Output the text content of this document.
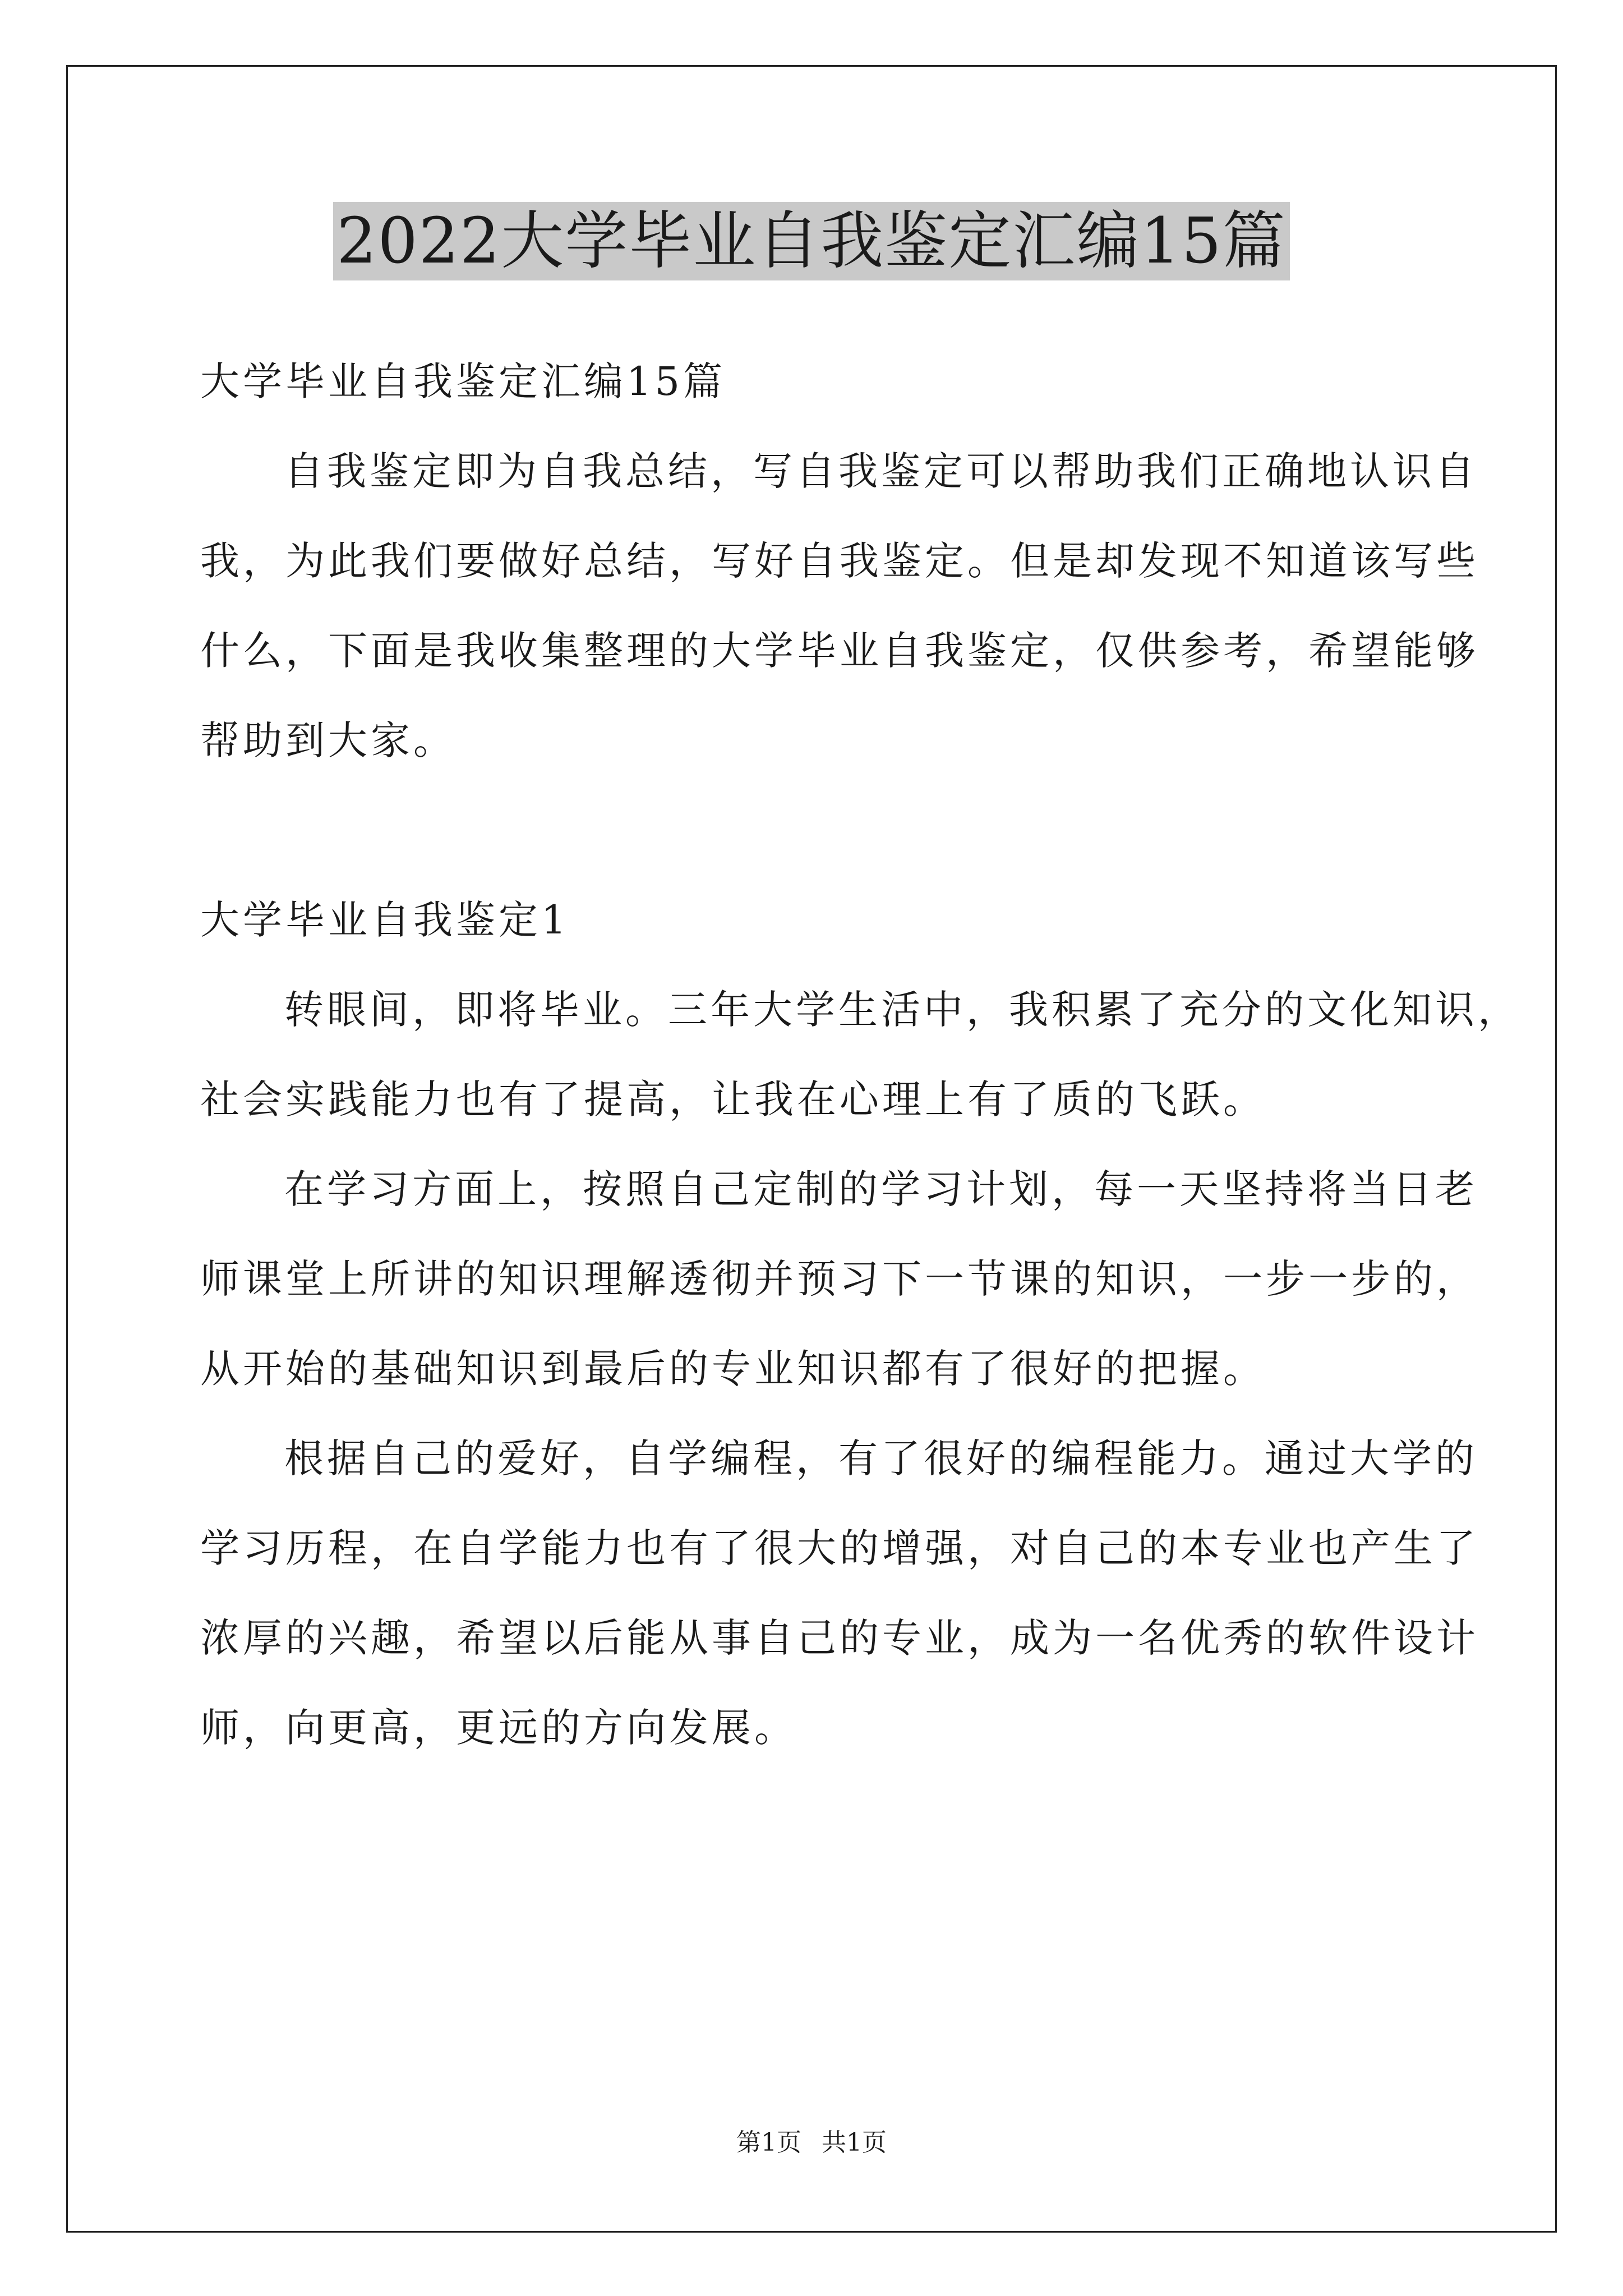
2022大学毕业自我鉴定汇编15篇
大学毕业自我鉴定汇编15篇
自我鉴定即为自我总结，写自我鉴定可以帮助我们正确地认识自
我，为此我们要做好总结，写好自我鉴定。但是却发现不知道该写些
什么，下面是我收集整理的大学毕业自我鉴定，仅供参考，希望能够
帮助到大家。
大学毕业自我鉴定1
转眼间，即将毕业。三年大学生活中，我积累了充分的文化知识，
社会实践能力也有了提高，让我在心理上有了质的飞跃。
在学习方面上，按照自己定制的学习计划，每一天坚持将当日老
师课堂上所讲的知识理解透彻并预习下一节课的知识，一步一步的，
从开始的基础知识到最后的专业知识都有了很好的把握。
根据自己的爱好，自学编程，有了很好的编程能力。通过大学的
学习历程，在自学能力也有了很大的增强，对自己的本专业也产生了
浓厚的兴趣，希望以后能从事自己的专业，成为一名优秀的软件设计
师，向更高，更远的方向发展。
第1页 共1页
